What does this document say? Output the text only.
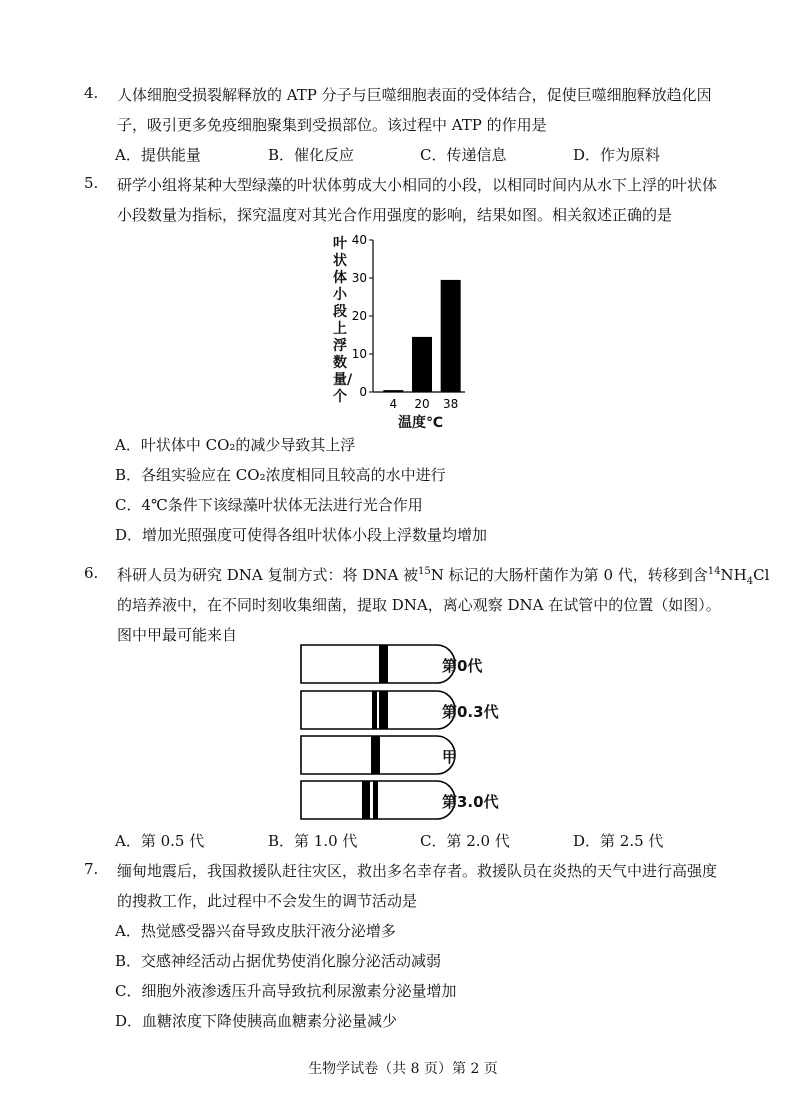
4.	人体细胞受损裂解释放的 ATP 分子与巨噬细胞表面的受体结合，促使巨噬细胞释放趋化因
子，吸引更多免疫细胞聚集到受损部位。该过程中 ATP 的作用是
A．提供能量	B．催化反应	C．传递信息	D．作为原料
5.	研学小组将某种大型绿藻的叶状体剪成大小相同的小段，以相同时间内从水下上浮的叶状体
小段数量为指标，探究温度对其光合作用强度的影响，结果如图。相关叙述正确的是
叶状体小段上浮数量/个 0
10
20
30
40
4 20 38
温度℃
A．叶状体中 CO₂的减少导致其上浮
B．各组实验应在 CO₂浓度相同且较高的水中进行
C．4℃条件下该绿藻叶状体无法进行光合作用
D．增加光照强度可使得各组叶状体小段上浮数量均增加
6.	科研人员为研究 DNA 复制方式：将 DNA 被$^{15}$N 标记的大肠杆菌作为第 0 代，转移到含$^{14}NH_4Cl$
的培养液中，在不同时刻收集细菌，提取 DNA，离心观察 DNA 在试管中的位置（如图）。
图中甲最可能来自
第0代
第0.3代
甲
第3.0代
A．第 0.5 代	B．第 1.0 代	C．第 2.0 代	D．第 2.5 代
7.	缅甸地震后，我国救援队赶往灾区，救出多名幸存者。救援队员在炎热的天气中进行高强度
的搜救工作，此过程中不会发生的调节活动是
A．热觉感受器兴奋导致皮肤汗液分泌增多
B．交感神经活动占据优势使消化腺分泌活动减弱
C．细胞外液渗透压升高导致抗利尿激素分泌量增加
D．血糖浓度下降使胰高血糖素分泌量减少
生物学试卷（共 8 页）第 2 页
